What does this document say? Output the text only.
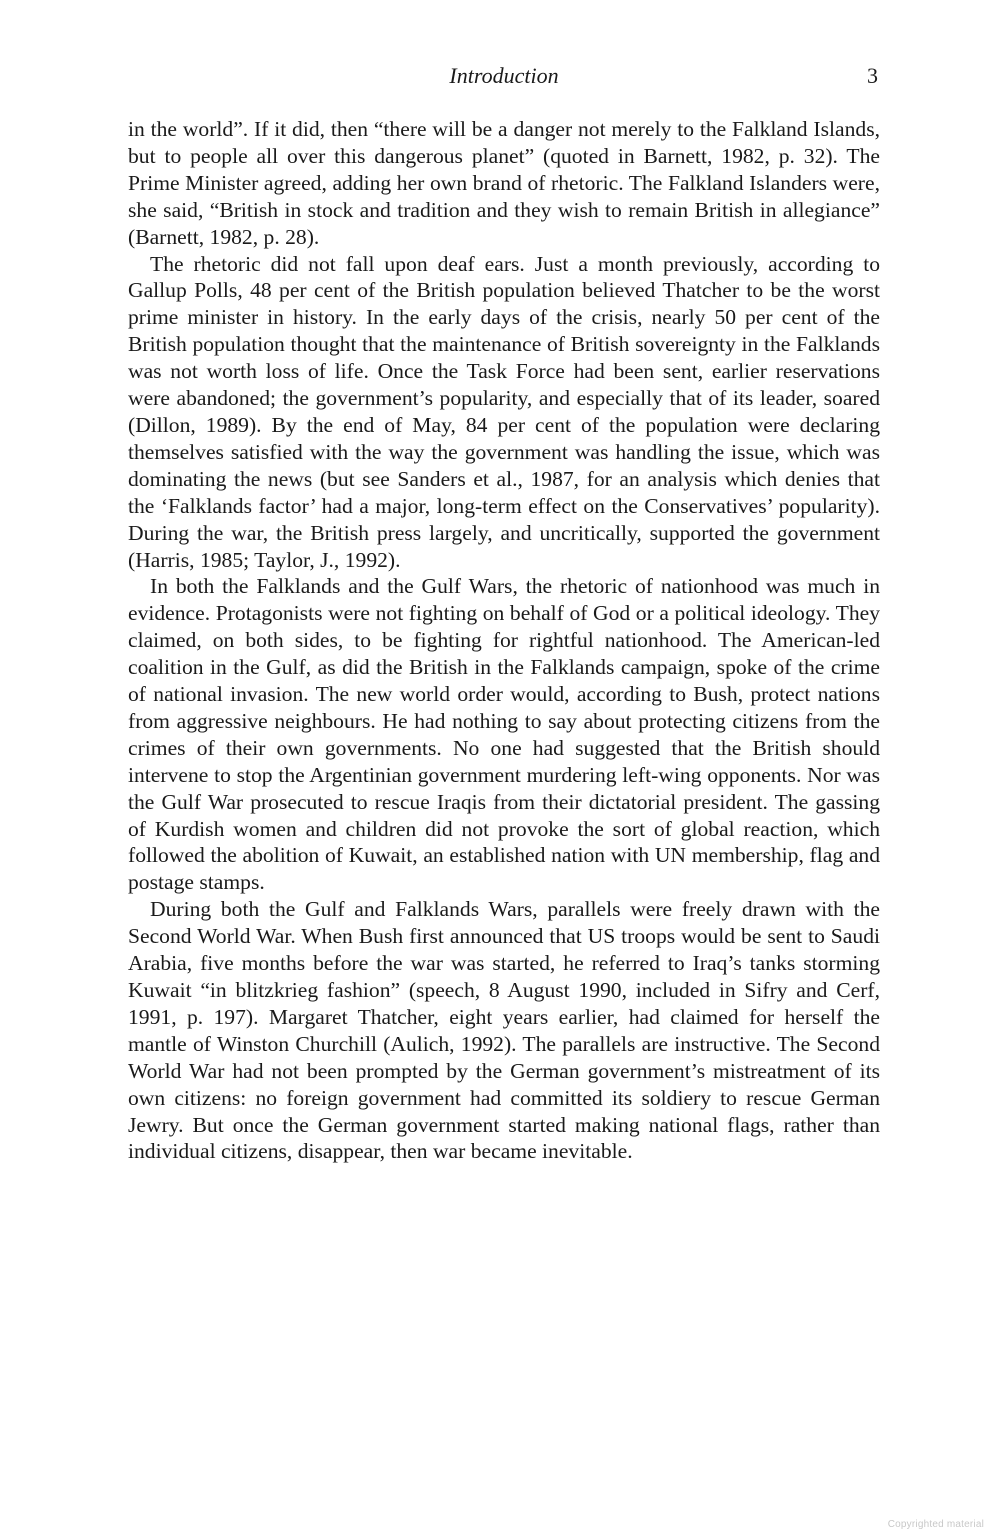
Introduction	3

in the world”. If it did, then “there will be a danger not merely to the Falkland Islands, but to people all over this dangerous planet” (quoted in Barnett, 1982, p. 32). The Prime Minister agreed, adding her own brand of rhetoric. The Falkland Islanders were, she said, “British in stock and tradition and they wish to remain British in allegiance” (Barnett, 1982, p. 28).

The rhetoric did not fall upon deaf ears. Just a month previously, according to Gallup Polls, 48 per cent of the British population believed Thatcher to be the worst prime minister in history. In the early days of the crisis, nearly 50 per cent of the British population thought that the maintenance of British sovereignty in the Falklands was not worth loss of life. Once the Task Force had been sent, earlier reservations were abandoned; the government’s popularity, and especially that of its leader, soared (Dillon, 1989). By the end of May, 84 per cent of the population were declaring themselves satisfied with the way the government was handling the issue, which was dominating the news (but see Sanders et al., 1987, for an analysis which denies that the ‘Falklands factor’ had a major, long-term effect on the Conservatives’ popularity). During the war, the British press largely, and uncritically, supported the government (Harris, 1985; Taylor, J., 1992).

In both the Falklands and the Gulf Wars, the rhetoric of nationhood was much in evidence. Protagonists were not fighting on behalf of God or a political ideology. They claimed, on both sides, to be fighting for rightful nationhood. The American-led coalition in the Gulf, as did the British in the Falklands campaign, spoke of the crime of national invasion. The new world order would, according to Bush, protect nations from aggressive neighbours. He had nothing to say about protecting citizens from the crimes of their own governments. No one had suggested that the British should intervene to stop the Argentinian government murdering left-wing opponents. Nor was the Gulf War prosecuted to rescue Iraqis from their dictatorial president. The gassing of Kurdish women and children did not provoke the sort of global reaction, which followed the abolition of Kuwait, an established nation with UN membership, flag and postage stamps.

During both the Gulf and Falklands Wars, parallels were freely drawn with the Second World War. When Bush first announced that US troops would be sent to Saudi Arabia, five months before the war was started, he referred to Iraq’s tanks storming Kuwait “in blitzkrieg fashion” (speech, 8 August 1990, included in Sifry and Cerf, 1991, p. 197). Margaret Thatcher, eight years earlier, had claimed for herself the mantle of Winston Churchill (Aulich, 1992). The parallels are instructive. The Second World War had not been prompted by the German government’s mistreatment of its own citizens: no foreign government had committed its soldiery to rescue German Jewry. But once the German government started making national flags, rather than individual citizens, disappear, then war became inevitable.

Copyrighted material
